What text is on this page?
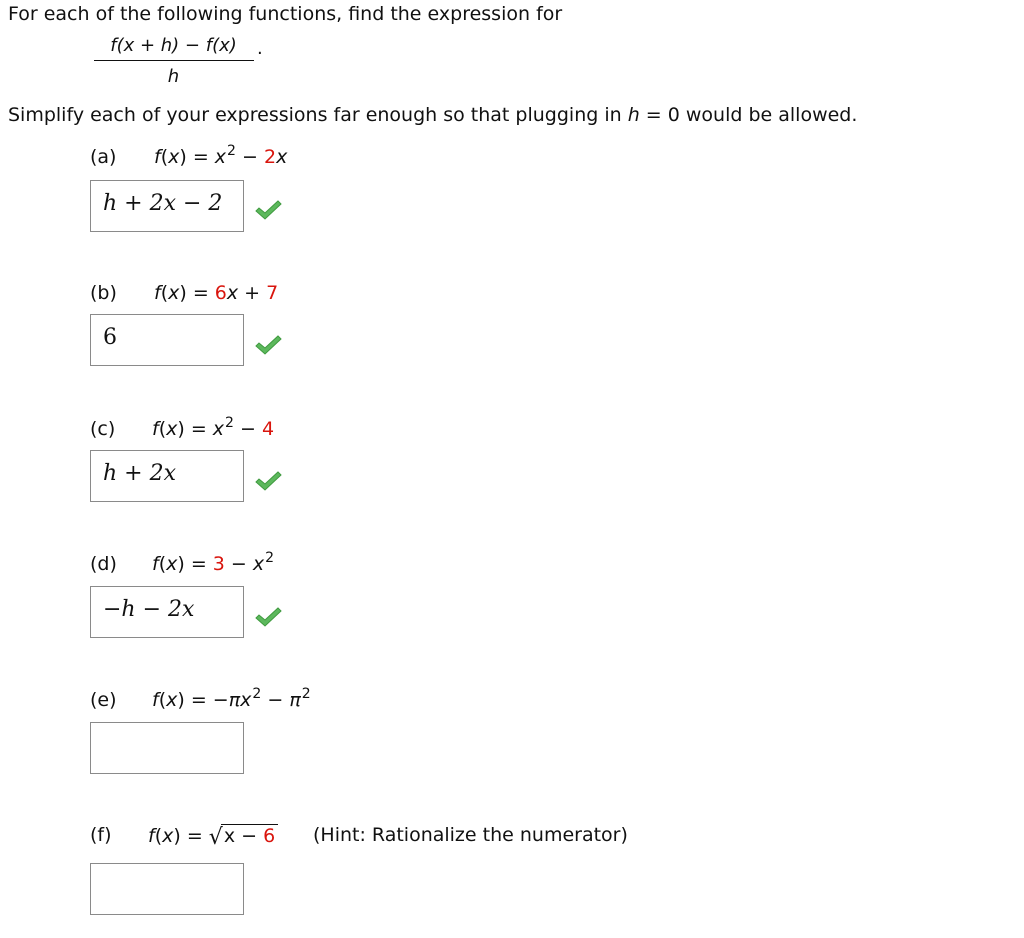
For each of the following functions, find the expression for
f(x + h) − f(x)
h
.
Simplify each of your expressions far enough so that plugging in h = 0 would be allowed.
(a) $f(x) = x^2 - 2x$
h + 2x − 2
(b) f(x) = 6x + 7
6
(c) $f(x) = x^2 - 4$
h + 2x
(d) $f(x) = 3 - x^2$
−h − 2x
(e) $f(x) = -\pi x^2 - \pi^2$
(f) f(x) = √x − 6 (Hint: Rationalize the numerator)
